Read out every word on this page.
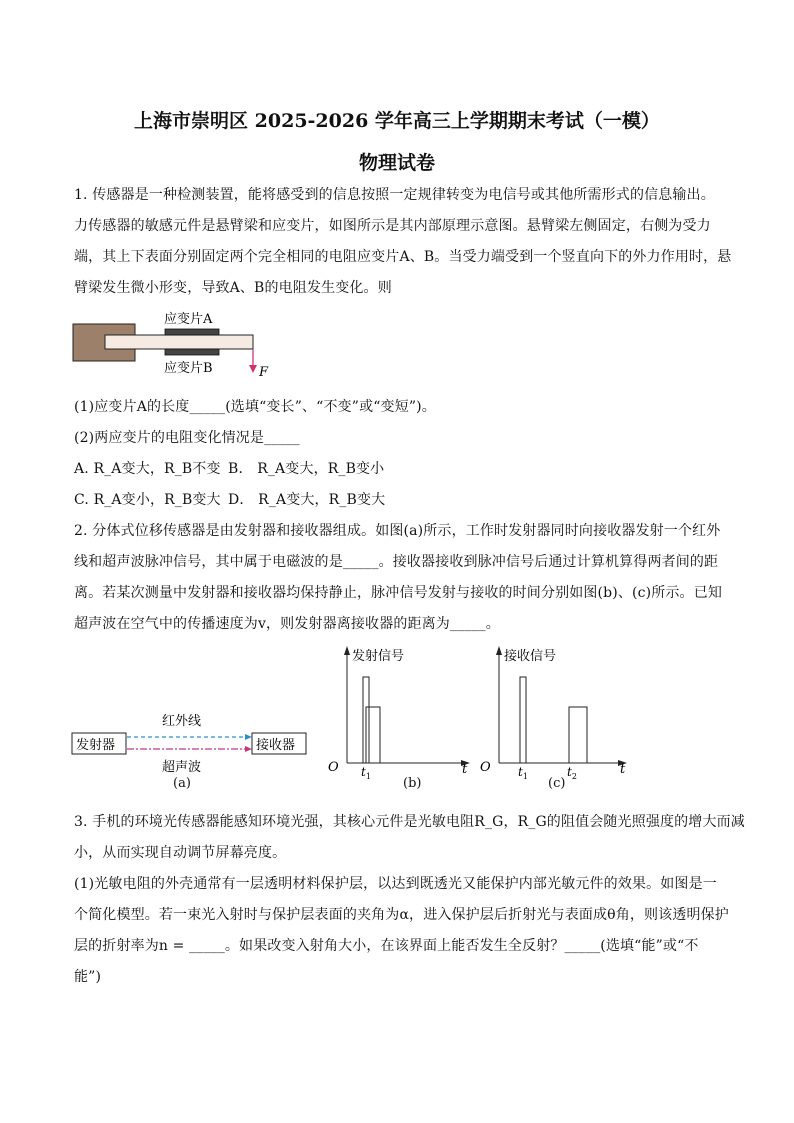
上海市崇明区 2025-2026 学年高三上学期期末考试（一模）
物理试卷
1. 传感器是一种检测装置，能将感受到的信息按照一定规律转变为电信号或其他所需形式的信息输出。
力传感器的敏感元件是悬臂梁和应变片，如图所示是其内部原理示意图。悬臂梁左侧固定，右侧为受力
端，其上下表面分别固定两个完全相同的电阻应变片A、B。当受力端受到一个竖直向下的外力作用时，悬
臂梁发生微小形变，导致A、B的电阻发生变化。则
应变片A
应变片B	F
(1)应变片A的长度_____(选填“变长”、“不变”或“变短”)。
(2)两应变片的电阻变化情况是_____
A. R_A变大，R_B不变 B． R_A变大，R_B变小
C. R_A变小，R_B变大 D． R_A变大，R_B变大
2. 分体式位移传感器是由发射器和接收器组成。如图(a)所示，工作时发射器同时向接收器发射一个红外
线和超声波脉冲信号，其中属于电磁波的是_____。接收器接收到脉冲信号后通过计算机算得两者间的距
离。若某次测量中发射器和接收器均保持静止，脉冲信号发射与接收的时间分别如图(b)、(c)所示。已知
超声波在空气中的传播速度为v，则发射器离接收器的距离为_____。
红外线
发射器	接收器
超声波
(a)
发射信号
O	t
$t_1$ (b)
接收信号
O	t
$t_1$	$t_2$
(c)
3. 手机的环境光传感器能感知环境光强，其核心元件是光敏电阻R_G，R_G的阻值会随光照强度的增大而减
小，从而实现自动调节屏幕亮度。
(1)光敏电阻的外壳通常有一层透明材料保护层，以达到既透光又能保护内部光敏元件的效果。如图是一
个简化模型。若一束光入射时与保护层表面的夹角为α，进入保护层后折射光与表面成θ角，则该透明保护
层的折射率为n = _____。如果改变入射角大小，在该界面上能否发生全反射？_____(选填“能”或“不
能”)
